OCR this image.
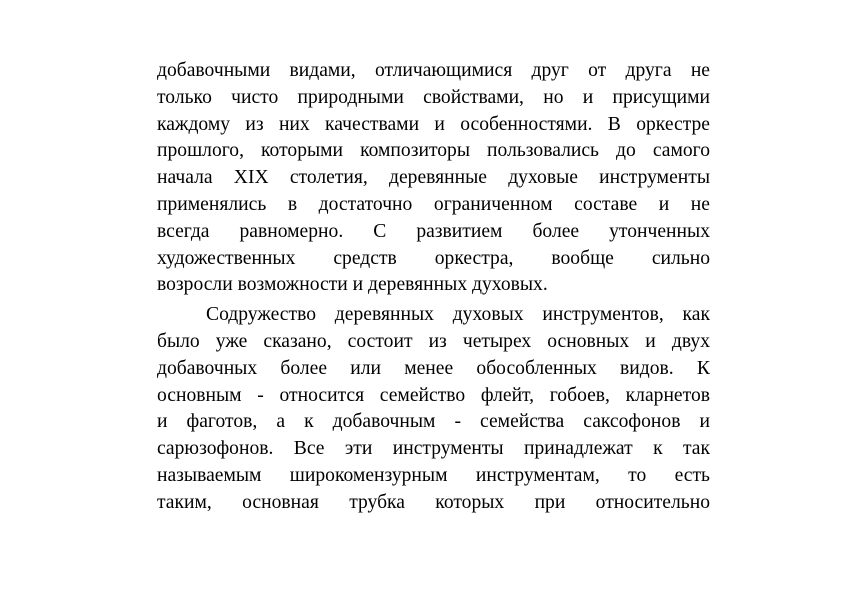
добавочными видами, отличающимися друг от друга не
только чисто природными свойствами, но и присущими
каждому из них качествами и особенностями. В оркестре
прошлого, которыми композиторы пользовались до самого
начала XIX столетия, деревянные духовые инструменты
применялись в достаточно ограниченном составе и не
всегда равномерно. С развитием более утонченных
художественных средств оркестра, вообще сильно
возросли возможности и деревянных духовых.
Содружество деревянных духовых инструментов, как
было уже сказано, состоит из четырех основных и двух
добавочных более или менее обособленных видов. К
основным - относится семейство флейт, гобоев, кларнетов
и фаготов, а к добавочным - семейства саксофонов и
сарюзофонов. Все эти инструменты принадлежат к так
называемым широкомензурным инструментам, то есть
таким, основная трубка которых при относительно
